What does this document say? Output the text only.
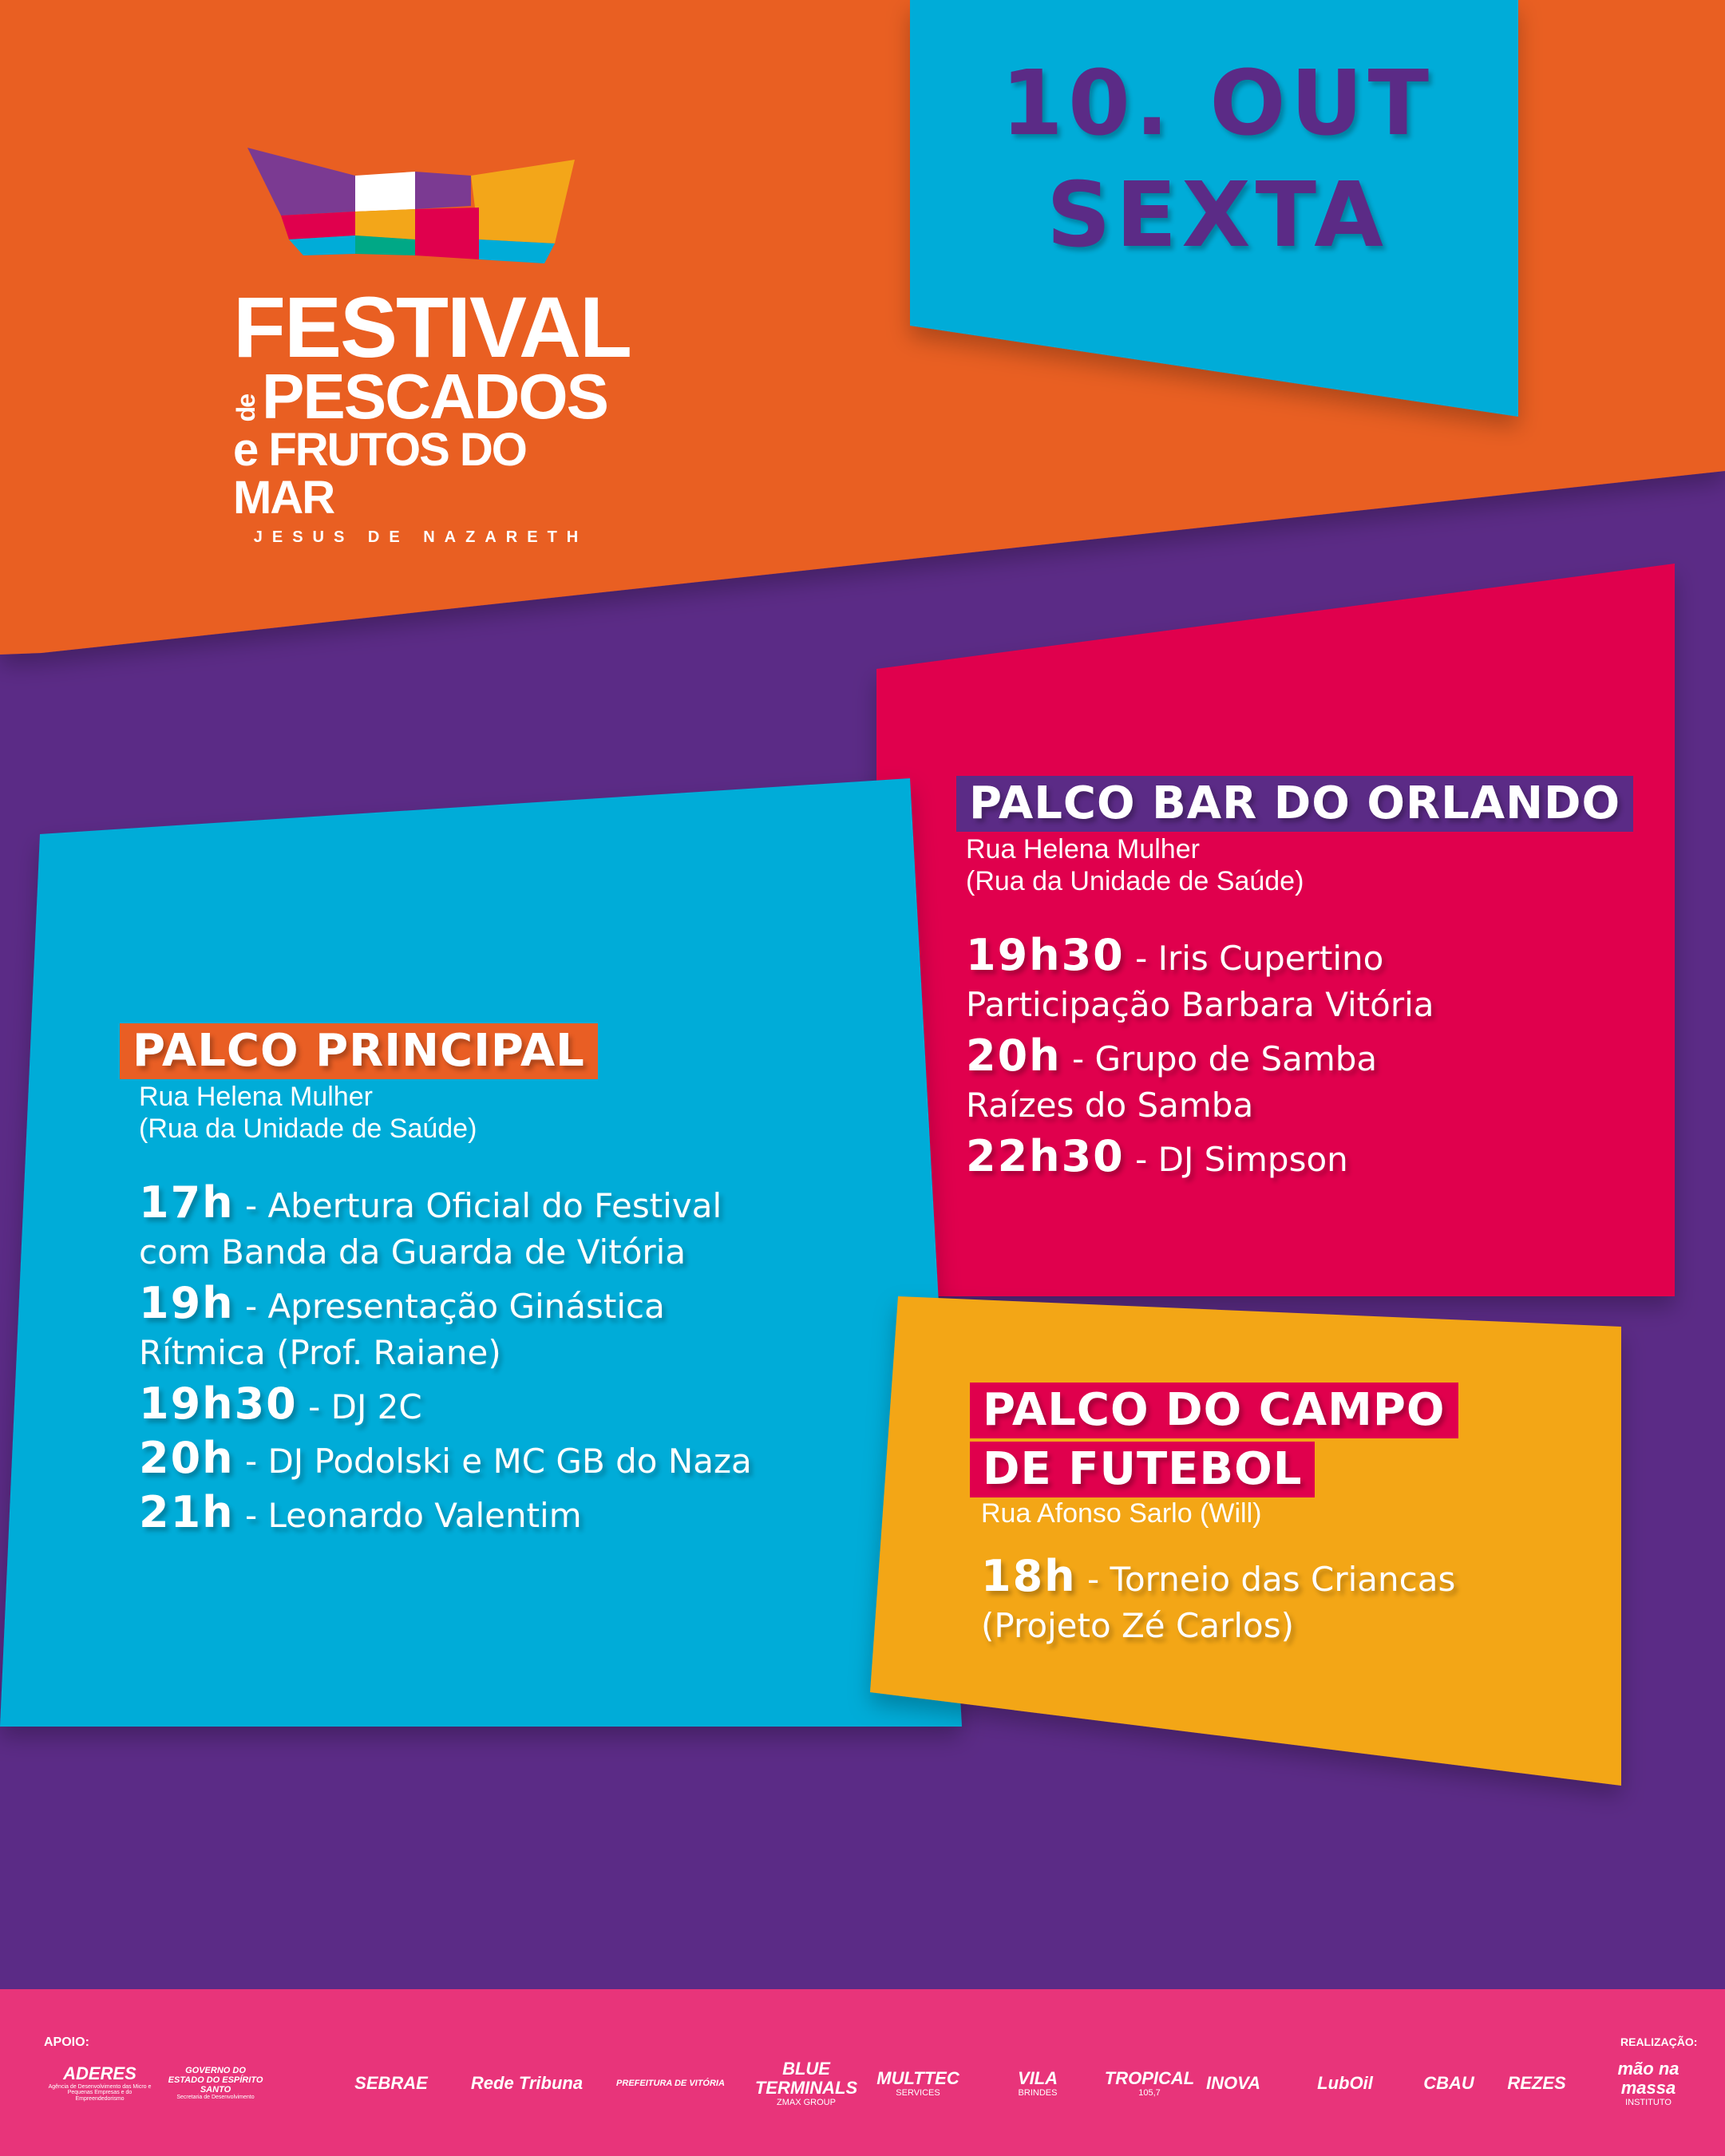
FESTIVAL
de PESCADOS
e FRUTOS DO MAR
JESUS DE NAZARETH
10. OUT
SEXTA
PALCO BAR DO ORLANDO
Rua Helena Mulher
(Rua da Unidade de Saúde)
19h30 - Iris Cupertino
Participação Barbara Vitória
20h - Grupo de Samba
Raízes do Samba
22h30 - DJ Simpson
PALCO PRINCIPAL
Rua Helena Mulher
(Rua da Unidade de Saúde)
17h - Abertura Oficial do Festival
com Banda da Guarda de Vitória
19h - Apresentação Ginástica
Rítmica (Prof. Raiane)
19h30 - DJ 2C
20h - DJ Podolski e MC GB do Naza
21h - Leonardo Valentim
PALCO DO CAMPO
DE FUTEBOL
Rua Afonso Sarlo (Will)
18h - Torneio das Criancas
(Projeto Zé Carlos)
APOIO:	REALIZAÇÃO:
ADERES
Agência de Desenvolvimento das Micro e Pequenas Empresas e do Empreendedorismo
GOVERNO DO ESTADO DO ESPÍRITO SANTO
Secretaria de Desenvolvimento
SEBRAE Rede Tribuna	PREFEITURA DE VITÓRIA
BLUE TERMINALS
ZMAX GROUP
MULTTEC
SERVICES
VILA
BRINDES
TROPICAL
105,7
INOVA	LubOil	CBAU REZES
mão na massa
INSTITUTO
